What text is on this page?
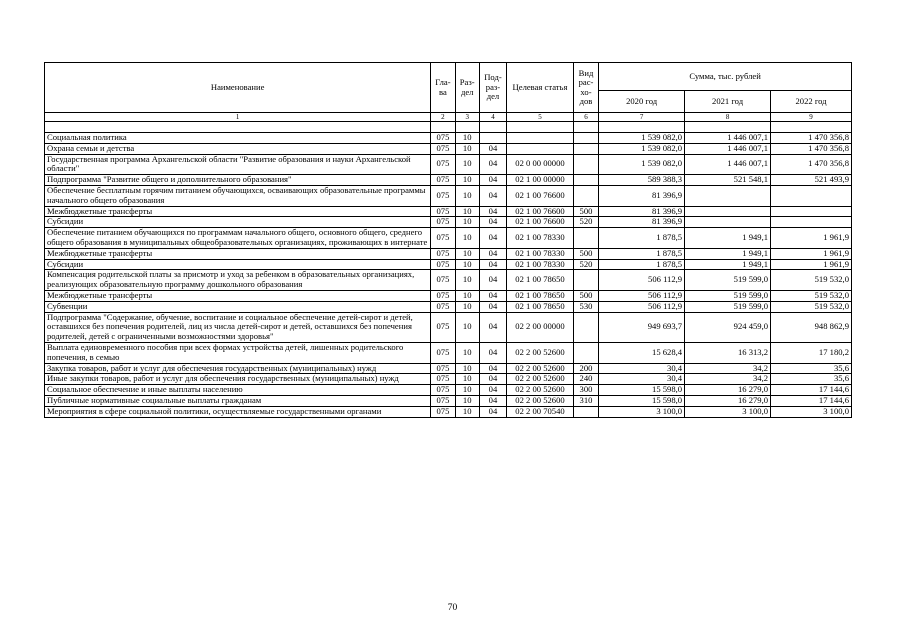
Наименование	Гла-ва	Раз-дел	Под-раз-дел	Целевая статья	Вид рас-хо-дов	Сумма, тыс. рублей		
						2020 год	2021 год	2022 год
1	2	3	4	5	6	7	8	9

Социальная политика	075	10				1 539 082,0	1 446 007,1	1 470 356,8
Охрана семьи и детства	075	10	04			1 539 082,0	1 446 007,1	1 470 356,8
Государственная программа Архангельской области "Развитие образования и науки Архангельской области"	075	10	04	02 0 00 00000		1 539 082,0	1 446 007,1	1 470 356,8
Подпрограмма "Развитие общего и дополнительного образования"	075	10	04	02 1 00 00000		589 388,3	521 548,1	521 493,9
Обеспечение бесплатным горячим питанием обучающихся, осваивающих образовательные программы начального общего образования	075	10	04	02 1 00 76600		81 396,9		
Межбюджетные трансферты	075	10	04	02 1 00 76600	500	81 396,9		
Субсидии	075	10	04	02 1 00 76600	520	81 396,9		
Обеспечение питанием обучающихся по программам начального общего, основного общего, среднего общего образования в муниципальных общеобразовательных организациях, проживающих в интернате	075	10	04	02 1 00 78330		1 878,5	1 949,1	1 961,9
Межбюджетные трансферты	075	10	04	02 1 00 78330	500	1 878,5	1 949,1	1 961,9
Субсидии	075	10	04	02 1 00 78330	520	1 878,5	1 949,1	1 961,9
Компенсация родительской платы за присмотр и уход за ребенком в образовательных организациях, реализующих образовательную программу дошкольного образования	075	10	04	02 1 00 78650		506 112,9	519 599,0	519 532,0
Межбюджетные трансферты	075	10	04	02 1 00 78650	500	506 112,9	519 599,0	519 532,0
Субвенции	075	10	04	02 1 00 78650	530	506 112,9	519 599,0	519 532,0
Подпрограмма "Содержание, обучение, воспитание и социальное обеспечение детей-сирот и детей, оставшихся без попечения родителей, лиц из числа детей-сирот и детей, оставшихся без попечения родителей, детей с ограниченными возможностями здоровья"	075	10	04	02 2 00 00000		949 693,7	924 459,0	948 862,9
Выплата единовременного пособия при всех формах устройства детей, лишенных родительского попечения, в семью	075	10	04	02 2 00 52600		15 628,4	16 313,2	17 180,2
Закупка товаров, работ и услуг для обеспечения государственных (муниципальных) нужд	075	10	04	02 2 00 52600	200	30,4	34,2	35,6
Иные закупки товаров, работ и услуг для обеспечения государственных (муниципальных) нужд	075	10	04	02 2 00 52600	240	30,4	34,2	35,6
Социальное обеспечение и иные выплаты населению	075	10	04	02 2 00 52600	300	15 598,0	16 279,0	17 144,6
Публичные нормативные социальные выплаты гражданам	075	10	04	02 2 00 52600	310	15 598,0	16 279,0	17 144,6
Мероприятия в сфере социальной политики, осуществляемые государственными органами	075	10	04	02 2 00 70540		3 100,0	3 100,0	3 100,0
70
